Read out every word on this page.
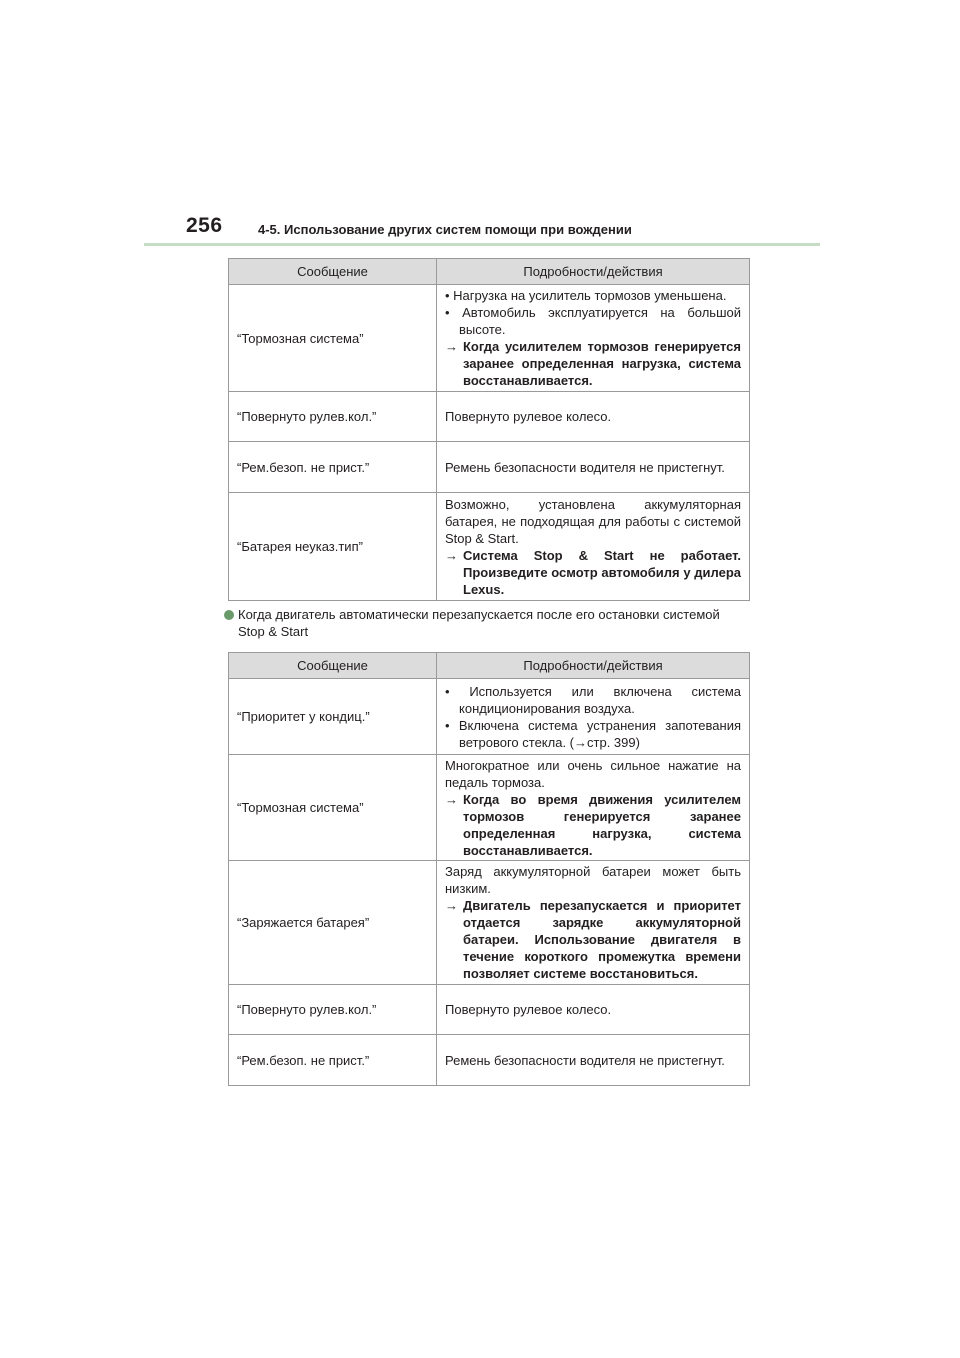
256	4-5. Использование других систем помощи при вождении
Сообщение	Подробности/действия
“Тормозная система”	• Нагрузка на усилитель тормозов уменьшена.
• Автомобиль эксплуатируется на большой высоте.
→ Когда усилителем тормозов генерируется заранее определенная нагрузка, система восстанавливается.

“Повернуто рулев.кол.”	Повернуто рулевое колесо.
“Рем.безоп. не прист.”	Ремень безопасности водителя не пристегнут.
“Батарея неуказ.тип”	Возможно, установлена аккумуляторная батарея, не подходящая для работы с системой Stop & Start.
→ Система Stop & Start не работает. Произведите осмотр автомобиля у дилера Lexus.
Когда двигатель автоматически перезапускается после его остановки системой
Stop & Start
Сообщение	Подробности/действия
“Приоритет у кондиц.”	• Используется или включена система кондиционирования воздуха.
• Включена система устранения запотевания ветрового стекла. (→стр. 399)

“Тормозная система”	Многократное или очень сильное нажатие на педаль тормоза.
→ Когда во время движения усилителем тормозов генерируется заранее определенная нагрузка, система восстанавливается.

“Заряжается батарея”	Заряд аккумуляторной батареи может быть низким.
→ Двигатель перезапускается и приоритет отдается зарядке аккумуляторной батареи. Использование двигателя в течение короткого промежутка времени позволяет системе восстановиться.

“Повернуто рулев.кол.”	Повернуто рулевое колесо.
“Рем.безоп. не прист.”	Ремень безопасности водителя не пристегнут.
